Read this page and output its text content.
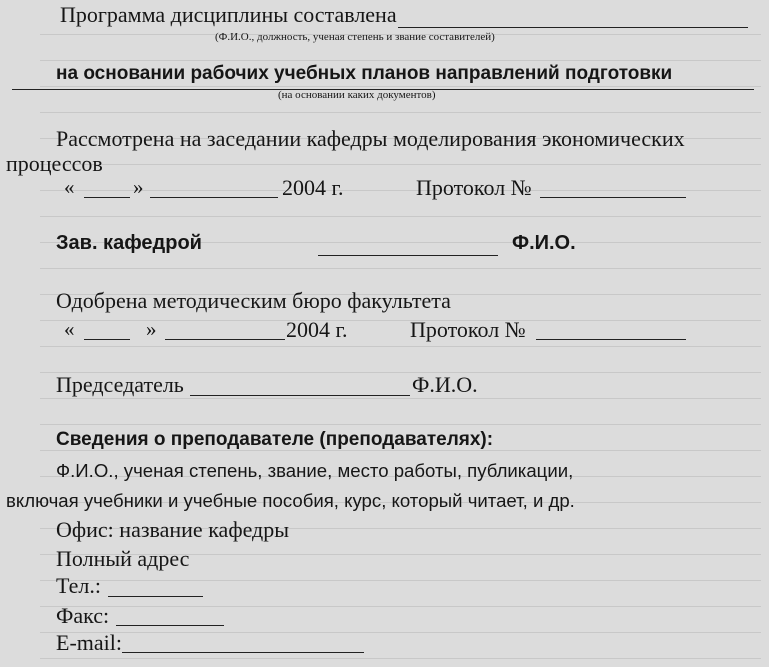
Программа дисциплины составлена
(Ф.И.О., должность, ученая степень и звание составителей)
на основании рабочих учебных планов направлений подготовки
(на основании каких документов)
Рассмотрена на заседании кафедры моделирования экономических
процессов
«	»	2004 г.	Протокол №
Зав. кафедрой	Ф.И.О.
Одобрена методическим бюро факультета
«	»	2004 г.	Протокол №
Председатель	Ф.И.О.
Сведения о преподавателе (преподавателях):
Ф.И.О., ученая степень, звание, место работы, публикации,
включая учебники и учебные пособия, курс, который читает, и др.
Офис: название кафедры
Полный адрес
Тел.:
Факс:
E-mail:
